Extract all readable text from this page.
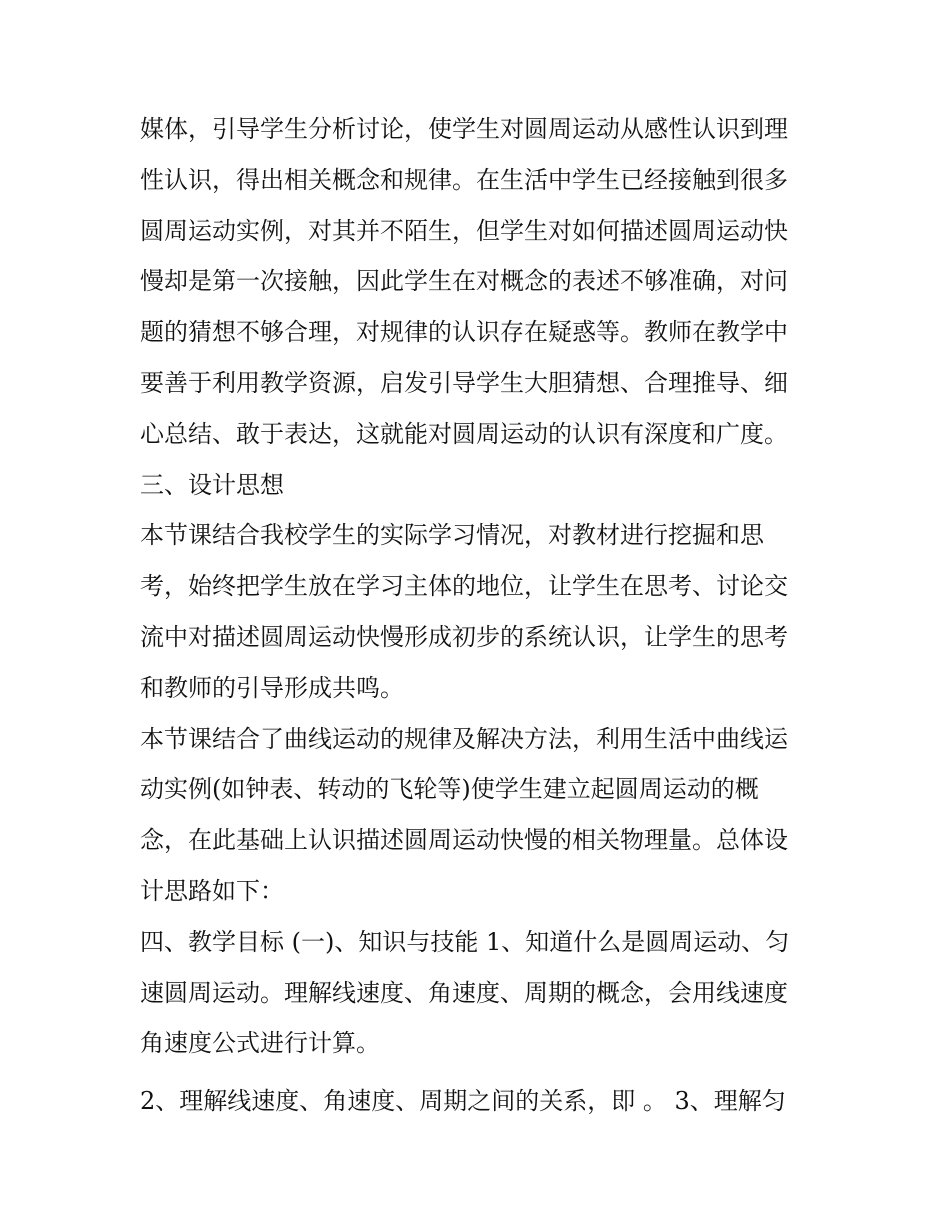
媒体，引导学生分析讨论，使学生对圆周运动从感性认识到理
性认识，得出相关概念和规律。在生活中学生已经接触到很多
圆周运动实例，对其并不陌生，但学生对如何描述圆周运动快
慢却是第一次接触，因此学生在对概念的表述不够准确，对问
题的猜想不够合理，对规律的认识存在疑惑等。教师在教学中
要善于利用教学资源，启发引导学生大胆猜想、合理推导、细
心总结、敢于表达，这就能对圆周运动的认识有深度和广度。
三、设计思想
本节课结合我校学生的实际学习情况，对教材进行挖掘和思
考，始终把学生放在学习主体的地位，让学生在思考、讨论交
流中对描述圆周运动快慢形成初步的系统认识，让学生的思考
和教师的引导形成共鸣。
本节课结合了曲线运动的规律及解决方法，利用生活中曲线运
动实例(如钟表、转动的飞轮等)使学生建立起圆周运动的概
念，在此基础上认识描述圆周运动快慢的相关物理量。总体设
计思路如下：
四、教学目标 (一)、知识与技能 1、知道什么是圆周运动、匀
速圆周运动。理解线速度、角速度、周期的概念，会用线速度
角速度公式进行计算。
2、理解线速度、角速度、周期之间的关系，即 。 3、理解匀
